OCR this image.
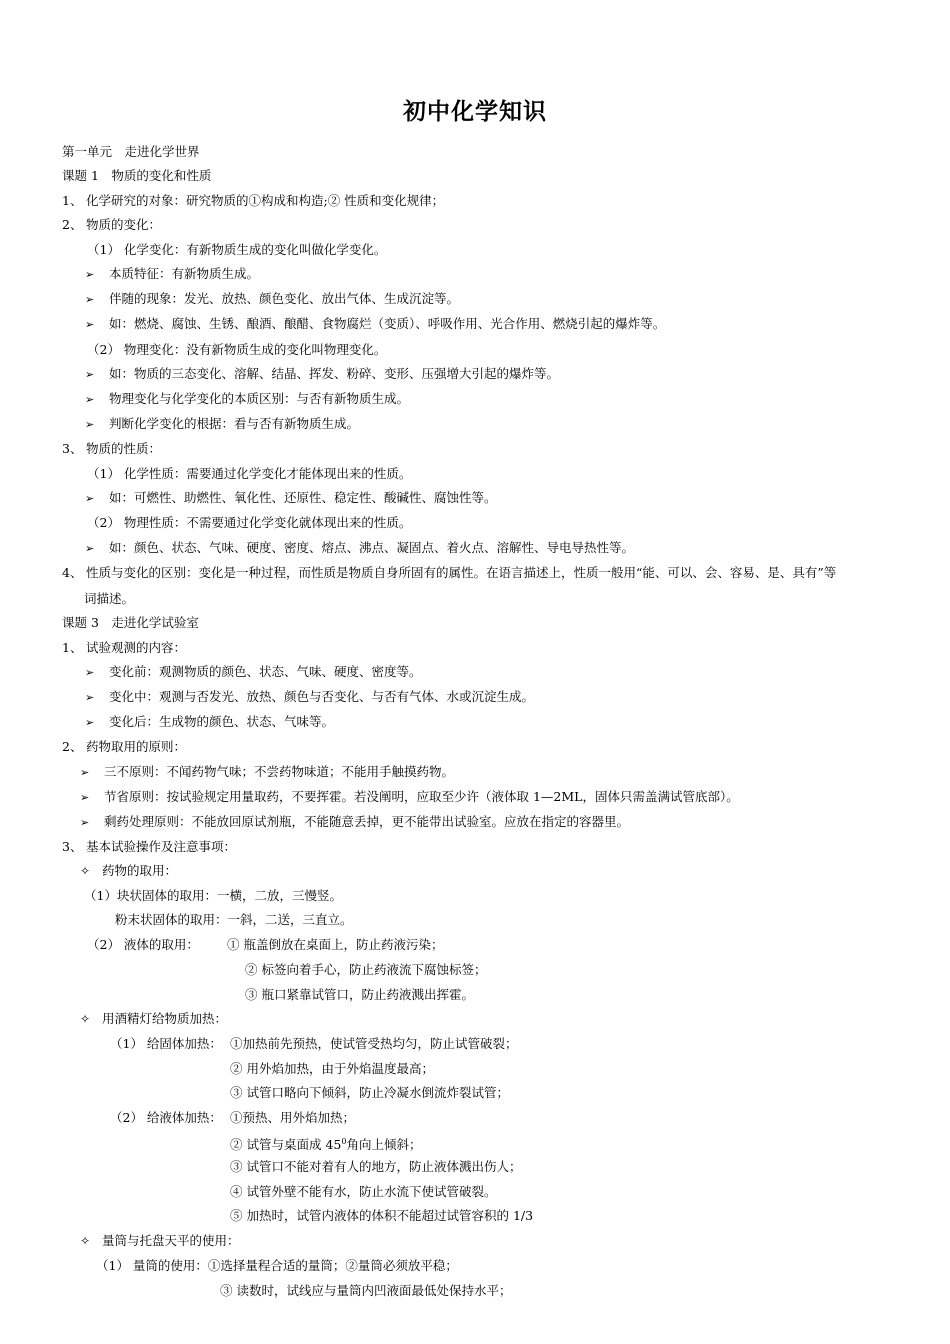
初中化学知识
第一单元　走进化学世界
课题 1　物质的变化和性质
1、 化学研究的对象：研究物质的①构成和构造;② 性质和变化规律；
2、 物质的变化：
（1） 化学变化：有新物质生成的变化叫做化学变化。
➢ 本质特征：有新物质生成。
➢ 伴随的现象：发光、放热、颜色变化、放出气体、生成沉淀等。
➢ 如：燃烧、腐蚀、生锈、酿酒、酿醋、食物腐烂（变质）、呼吸作用、光合作用、燃烧引起的爆炸等。
（2） 物理变化：没有新物质生成的变化叫物理变化。
➢ 如：物质的三态变化、溶解、结晶、挥发、粉碎、变形、压强增大引起的爆炸等。
➢ 物理变化与化学变化的本质区别：与否有新物质生成。
➢ 判断化学变化的根据：看与否有新物质生成。
3、 物质的性质：
（1） 化学性质：需要通过化学变化才能体现出来的性质。
➢ 如：可燃性、助燃性、氧化性、还原性、稳定性、酸碱性、腐蚀性等。
（2） 物理性质：不需要通过化学变化就体现出来的性质。
➢ 如：颜色、状态、气味、硬度、密度、熔点、沸点、凝固点、着火点、溶解性、导电导热性等。
4、 性质与变化的区别：变化是一种过程，而性质是物质自身所固有的属性。在语言描述上，性质一般用“能、可以、会、容易、是、具有”等
词描述。
课题 3　走进化学试验室
1、 试验观测的内容：
➢ 变化前：观测物质的颜色、状态、气味、硬度、密度等。
➢ 变化中：观测与否发光、放热、颜色与否变化、与否有气体、水或沉淀生成。
➢ 变化后：生成物的颜色、状态、气味等。
2、 药物取用的原则：
➢ 三不原则：不闻药物气味；不尝药物味道；不能用手触摸药物。
➢ 节省原则：按试验规定用量取药，不要挥霍。若没阐明，应取至少许（液体取 1—2ML，固体只需盖满试管底部）。
➢ 剩药处理原则：不能放回原试剂瓶，不能随意丢掉，更不能带出试验室。应放在指定的容器里。
3、 基本试验操作及注意事项：
✧ 药物的取用：
（1）块状固体的取用：一横，二放，三慢竖。
粉末状固体的取用：一斜，二送，三直立。
（2） 液体的取用： ① 瓶盖倒放在桌面上，防止药液污染；
② 标签向着手心，防止药液流下腐蚀标签；
③ 瓶口紧靠试管口，防止药液溅出挥霍。
✧ 用酒精灯给物质加热：
（1） 给固体加热： ①加热前先预热，使试管受热均匀，防止试管破裂；
② 用外焰加热，由于外焰温度最高；
③ 试管口略向下倾斜，防止冷凝水倒流炸裂试管；
（2） 给液体加热： ①预热、用外焰加热；
② 试管与桌面成 $45^0$角向上倾斜；
③ 试管口不能对着有人的地方，防止液体溅出伤人；
④ 试管外壁不能有水，防止水流下使试管破裂。
⑤ 加热时，试管内液体的体积不能超过试管容积的 1/3
✧ 量筒与托盘天平的使用：
（1） 量筒的使用：①选择量程合适的量筒；②量筒必须放平稳；
③ 读数时，试线应与量筒内凹液面最低处保持水平；
